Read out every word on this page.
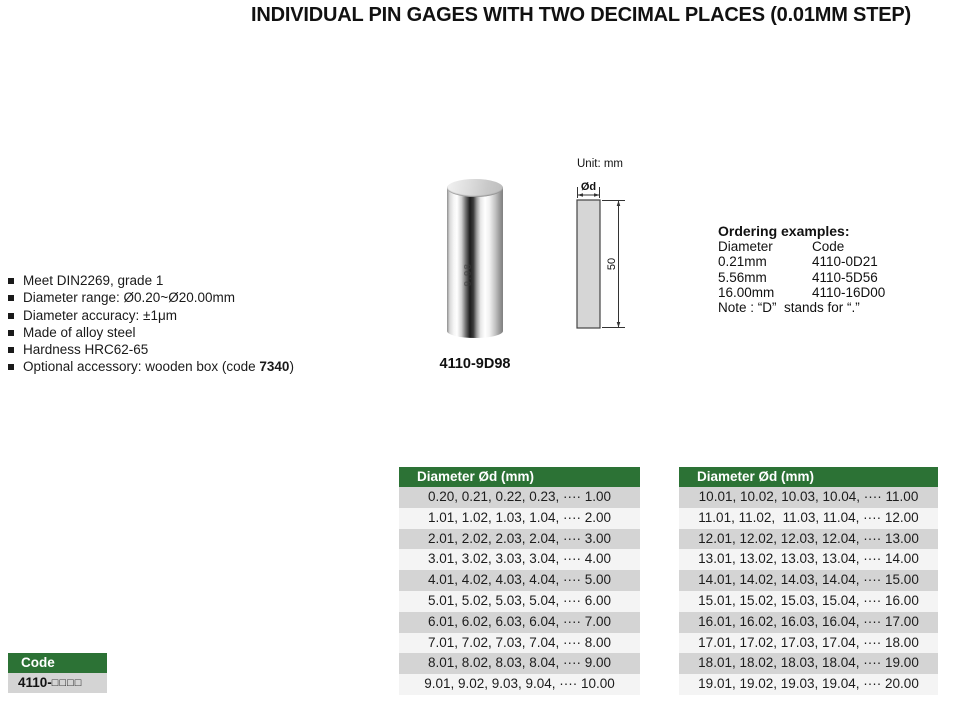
INDIVIDUAL PIN GAGES WITH TWO DECIMAL PLACES (0.01MM STEP)
Meet DIN2269, grade 1
Diameter range: Ø0.20~Ø20.00mm
Diameter accuracy: ±1μm
Made of alloy steel
Hardness HRC62-65
Optional accessory: wooden box (code 7340)
9.98
4110-9D98
Unit: mm
Ød
50
Ordering examples:
Diameter	Code
0.21mm	4110-0D21
5.56mm	4110-5D56
16.00mm	4110-16D00
Note : “D”  stands for “.”
Diameter Ød (mm)
0.20, 0.21, 0.22, 0.23, ···· 1.00
1.01, 1.02, 1.03, 1.04, ···· 2.00
2.01, 2.02, 2.03, 2.04, ···· 3.00
3.01, 3.02, 3.03, 3.04, ···· 4.00
4.01, 4.02, 4.03, 4.04, ···· 5.00
5.01, 5.02, 5.03, 5.04, ···· 6.00
6.01, 6.02, 6.03, 6.04, ···· 7.00
7.01, 7.02, 7.03, 7.04, ···· 8.00
8.01, 8.02, 8.03, 8.04, ···· 9.00
9.01, 9.02, 9.03, 9.04, ···· 10.00
Diameter Ød (mm)
10.01, 10.02, 10.03, 10.04, ···· 11.00
11.01, 11.02,  11.03, 11.04, ···· 12.00
12.01, 12.02, 12.03, 12.04, ···· 13.00
13.01, 13.02, 13.03, 13.04, ···· 14.00
14.01, 14.02, 14.03, 14.04, ···· 15.00
15.01, 15.02, 15.03, 15.04, ···· 16.00
16.01, 16.02, 16.03, 16.04, ···· 17.00
17.01, 17.02, 17.03, 17.04, ···· 18.00
18.01, 18.02, 18.03, 18.04, ···· 19.00
19.01, 19.02, 19.03, 19.04, ···· 20.00
Code
4110-□□□□
